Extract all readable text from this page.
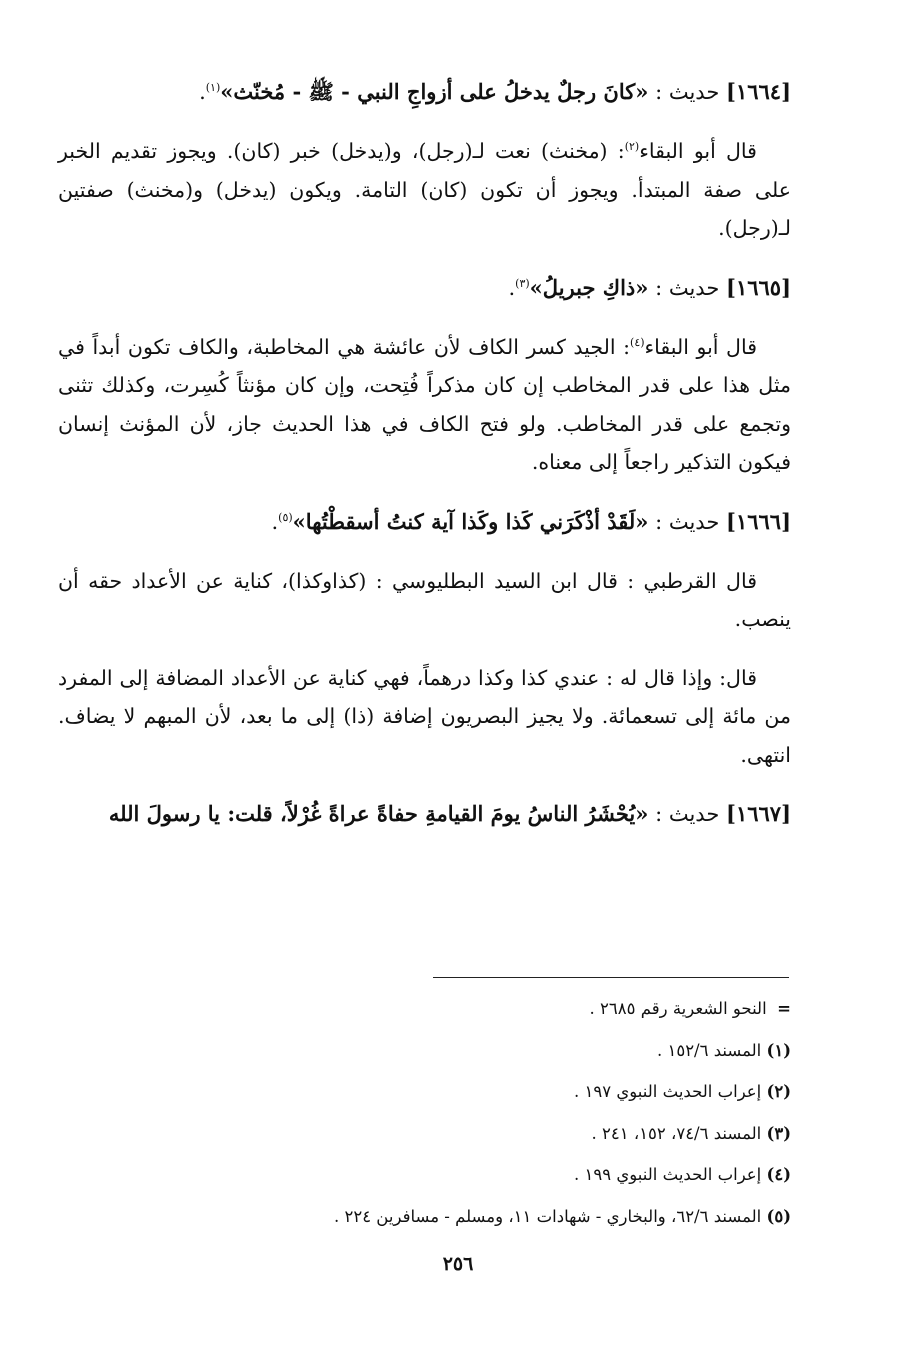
[١٦٦٤] حديث : «كانَ رجلٌ يدخلُ على أزواجِ النبي - ﷺ - مُخنّث»$^{(١)}$.

قال أبو البقاء$^{(٢)}$: (مخنث) نعت لـ(رجل)، و(يدخل) خبر (كان). ويجوز تقديم الخبر على صفة المبتدأ. ويجوز أن تكون (كان) التامة. ويكون (يدخل) و(مخنث) صفتين لـ(رجل).

[١٦٦٥] حديث : «ذاكِ جبريلُ»$^{(٣)}$.

قال أبو البقاء$^{(٤)}$: الجيد كسر الكاف لأن عائشة هي المخاطبة، والكاف تكون أبداً في مثل هذا على قدر المخاطب إن كان مذكراً فُتِحت، وإن كان مؤنثاً كُسِرت، وكذلك تثنى وتجمع على قدر المخاطب. ولو فتح الكاف في هذا الحديث جاز، لأن المؤنث إنسان فيكون التذكير راجعاً إلى معناه.

[١٦٦٦] حديث : «لَقَدْ أذْكَرَني كَذا وكَذا آية كنتُ أسقطْتُها»$^{(٥)}$.

قال القرطبي : قال ابن السيد البطليوسي : (كذاوكذا)، كناية عن الأعداد حقه أن ينصب.

قال: وإذا قال له : عندي كذا وكذا درهماً، فهي كناية عن الأعداد المضافة إلى المفرد من مائة إلى تسعمائة. ولا يجيز البصريون إضافة (ذا) إلى ما بعد، لأن المبهم لا يضاف. انتهى.

[١٦٦٧] حديث : «يُحْشَرُ الناسُ يومَ القيامةِ حفاةً عراةً غُرْلاً، قلت: يا رسولَ الله

=  النحو الشعرية رقم ٢٦٨٥ .
(١) المسند ١٥٢/٦ .
(٢) إعراب الحديث النبوي ١٩٧ .
(٣) المسند ٧٤/٦، ١٥٢، ٢٤١ .
(٤) إعراب الحديث النبوي ١٩٩ .
(٥) المسند ٦٢/٦، والبخاري - شهادات ١١، ومسلم - مسافرين ٢٢٤ .
٢٥٦
